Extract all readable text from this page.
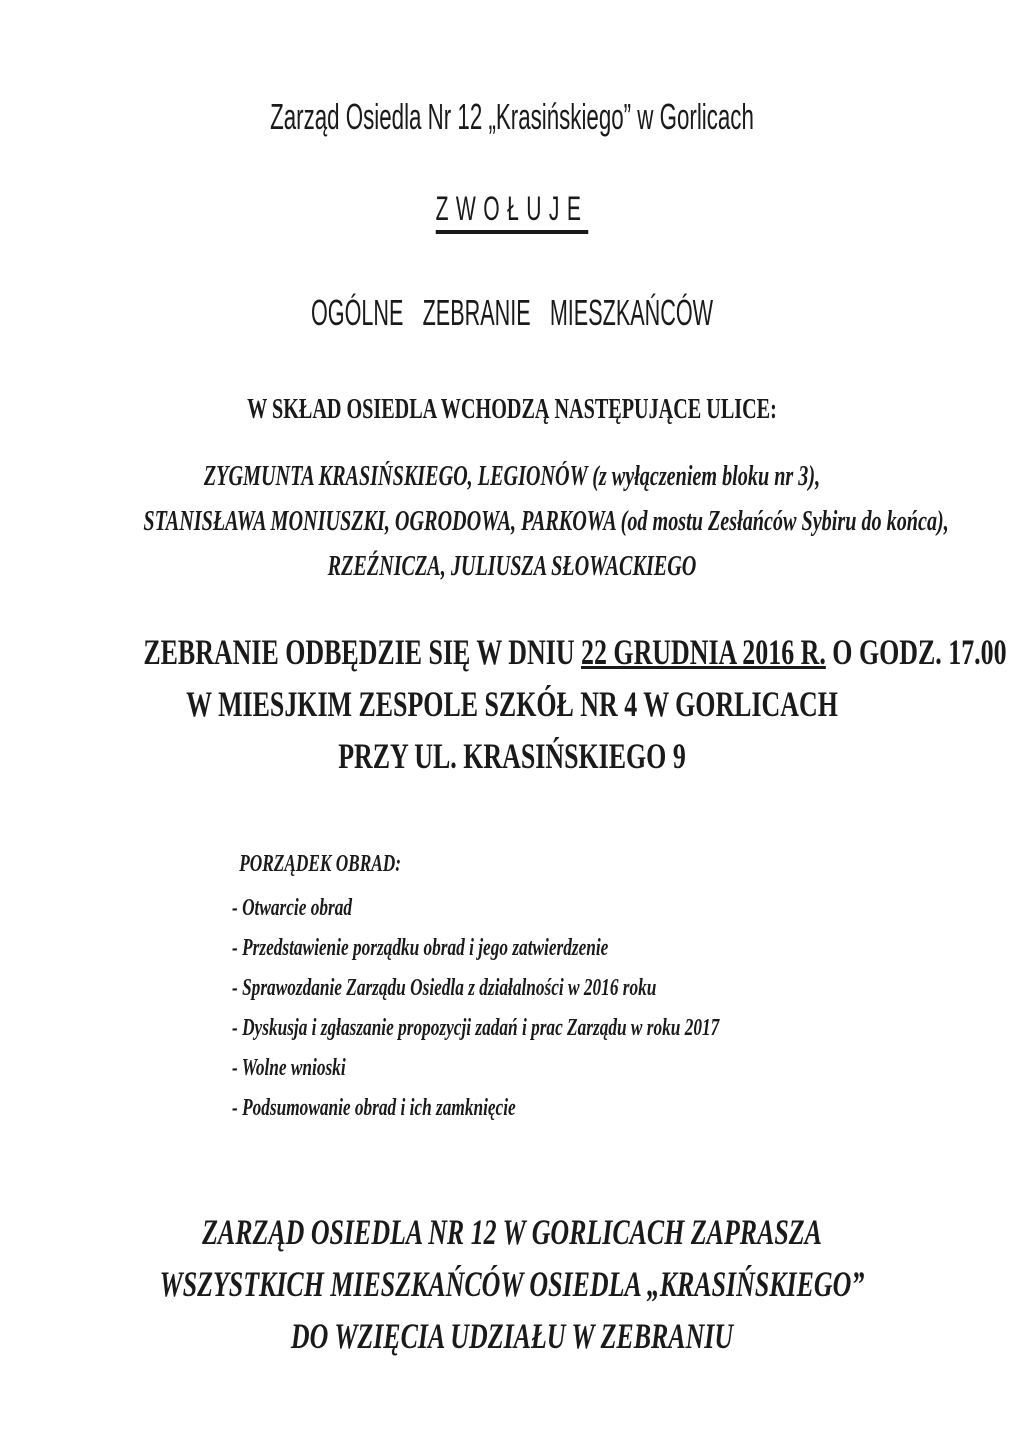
Zarząd Osiedla Nr 12 „Krasińskiego” w Gorlicach
ZWOŁUJE
OGÓLNE ZEBRANIE MIESZKAŃCÓW
W SKŁAD OSIEDLA WCHODZĄ NASTĘPUJĄCE ULICE:
ZYGMUNTA KRASIŃSKIEGO, LEGIONÓW (z wyłączeniem bloku nr 3),
STANISŁAWA MONIUSZKI, OGRODOWA, PARKOWA (od mostu Zesłańców Sybiru do końca),
RZEŹNICZA, JULIUSZA SŁOWACKIEGO
ZEBRANIE ODBĘDZIE SIĘ W DNIU 22 GRUDNIA 2016 R. O GODZ. 17.00
W MIESJKIM ZESPOLE SZKÓŁ NR 4 W GORLICACH
PRZY UL. KRASIŃSKIEGO 9
PORZĄDEK OBRAD:
- Otwarcie obrad
- Przedstawienie porządku obrad i jego zatwierdzenie
- Sprawozdanie Zarządu Osiedla z działalności w 2016 roku
- Dyskusja i zgłaszanie propozycji zadań i prac Zarządu w roku 2017
- Wolne wnioski
- Podsumowanie obrad i ich zamknięcie
ZARZĄD OSIEDLA NR 12 W GORLICACH ZAPRASZA
WSZYSTKICH MIESZKAŃCÓW OSIEDLA „KRASIŃSKIEGO”
DO WZIĘCIA UDZIAŁU W ZEBRANIU
